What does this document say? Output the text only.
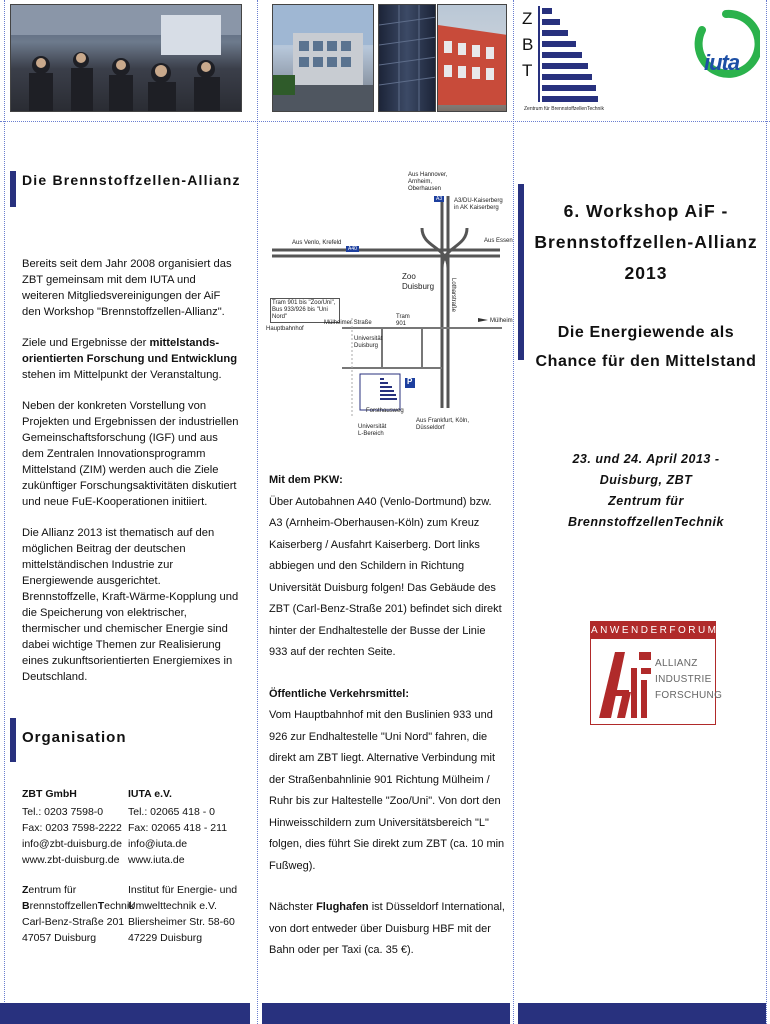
Z
B
T
Zentrum für BrennstoffzellenTechnik
iuta
Die Brennstoffzellen-Allianz

Bereits seit dem Jahr 2008 organisiert das ZBT gemeinsam mit dem IUTA und weiteren Mitgliedsvereinigungen der AiF den Workshop "Brennstoffzellen-Allianz".

Ziele und Ergebnisse der mittelstands-orientierten Forschung und Entwicklung stehen im Mittelpunkt der Veranstaltung.

Neben der konkreten Vorstellung von Projekten und Ergebnissen der industriellen Gemeinschaftsforschung (IGF) und aus dem Zentralen Innovationsprogramm Mittelstand (ZIM) werden auch die Ziele zukünftiger Forschungsaktivitäten diskutiert und neue FuE-Kooperationen initiiert.

Die Allianz 2013 ist thematisch auf den möglichen Beitrag der deutschen mittelständischen Industrie zur Energiewende ausgerichtet. Brennstoffzelle, Kraft-Wärme-Kopplung und die Speicherung von elektrischer, thermischer und chemischer Energie sind dabei wichtige Themen zur Realisierung eines zukunftsorientierten Energiemixes in Deutschland.

Organisation
ZBT GmbH
Tel.: 0203 7598-0
Fax: 0203 7598-2222
info@zbt-duisburg.de
www.zbt-duisburg.de
Zentrum für
BrennstoffzellenTechnik
Carl-Benz-Straße 201
47057 Duisburg
IUTA e.V.
Tel.: 02065 418 - 0
Fax: 02065 418 - 211
info@iuta.de
www.iuta.de
Institut für Energie- und
Umwelttechnik e.V.
Bliersheimer Str. 58-60
47229 Duisburg
Aus Hannover, Arnheim, Oberhausen
A3/DU-Kaiserberg in AK Kaiserberg
Aus Venlo, Krefeld	Aus Essen
Zoo Duisburg
Tram 901 bis "Zoo/Uni", Bus 933/926 bis "Uni Nord"
Mülheimer Straße
Hauptbahnhof
Universität Duisburg
Tram 901	Mülheim
Aus Frankfurt, Köln, Düsseldorf
Forsthausweg
Lotharstraße
Universität L-Bereich
A40
A3
P

Mit dem PKW:

Über Autobahnen A40 (Venlo-Dortmund) bzw. A3 (Arnheim-Oberhausen-Köln) zum Kreuz Kaiserberg / Ausfahrt Kaiserberg. Dort links abbiegen und den Schildern in Richtung Universität Duisburg folgen! Das Gebäude des ZBT (Carl-Benz-Straße 201) befindet sich direkt hinter der Endhaltestelle der Busse der Linie 933 auf der rechten Seite.

Öffentliche Verkehrsmittel:

Vom Hauptbahnhof mit den Buslinien 933 und 926 zur Endhaltestelle "Uni Nord" fahren, die direkt am ZBT liegt. Alternative Verbindung mit der Straßenbahnlinie 901 Richtung Mülheim / Ruhr bis zur Haltestelle "Zoo/Uni". Von dort den Hinweisschildern zum Universitätsbereich "L" folgen, dies führt Sie direkt zum ZBT (ca. 10 min Fußweg).

Nächster Flughafen ist Düsseldorf International, von dort entweder über Duisburg HBF mit der Bahn oder per Taxi (ca. 35 €).

6. Workshop AiF -
Brennstoffzellen-Allianz
2013
Die Energiewende als
Chance für den Mittelstand
23. und 24. April 2013 -
Duisburg, ZBT
Zentrum für
BrennstoffzellenTechnik
ANWENDERFORUM
ALLIANZ
INDUSTRIE
FORSCHUNG
